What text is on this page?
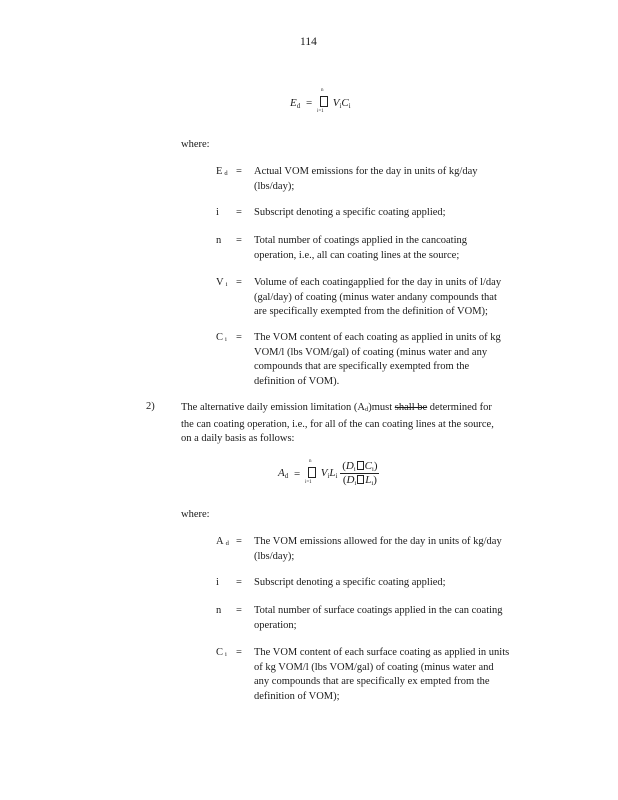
114
$E_d$ =
n
i=1
$V_iC_i$
where:
Ed = Actual VOM emissions for the day in units of kg/day
(lbs/day);
i = Subscript denoting a specific coating applied;
n = Total number of coatings applied in the cancoating
operation, i.e., all can coating lines at the source;
Vi = Volume of each coatingapplied for the day in units of l/day
(gal/day) of coating (minus water andany compounds that
are specifically exempted from the definition of VOM);
Ci = The VOM content of each coating as applied in units of kg
VOM/l (lbs VOM/gal) of coating (minus water and any
compounds that are specifically exempted from the
definition of VOM).
2)	The alternative daily emission limitation (Ad)must shall be determined for
the can coating operation, i.e., for all of the can coating lines at the source,
on a daily basis as follows:
$A_d$ =
n
i=1
$V_iL_i \frac{(D_i C_i)}{(D_i L_i)}$
where:
Ad = The VOM emissions allowed for the day in units of kg/day
(lbs/day);
i = Subscript denoting a specific coating applied;
n = Total number of surface coatings applied in the can coating
operation;
Ci = The VOM content of each surface coating as applied in units
of kg VOM/l (lbs VOM/gal) of coating (minus water and
any compounds that are specifically ex empted from the
definition of VOM);
